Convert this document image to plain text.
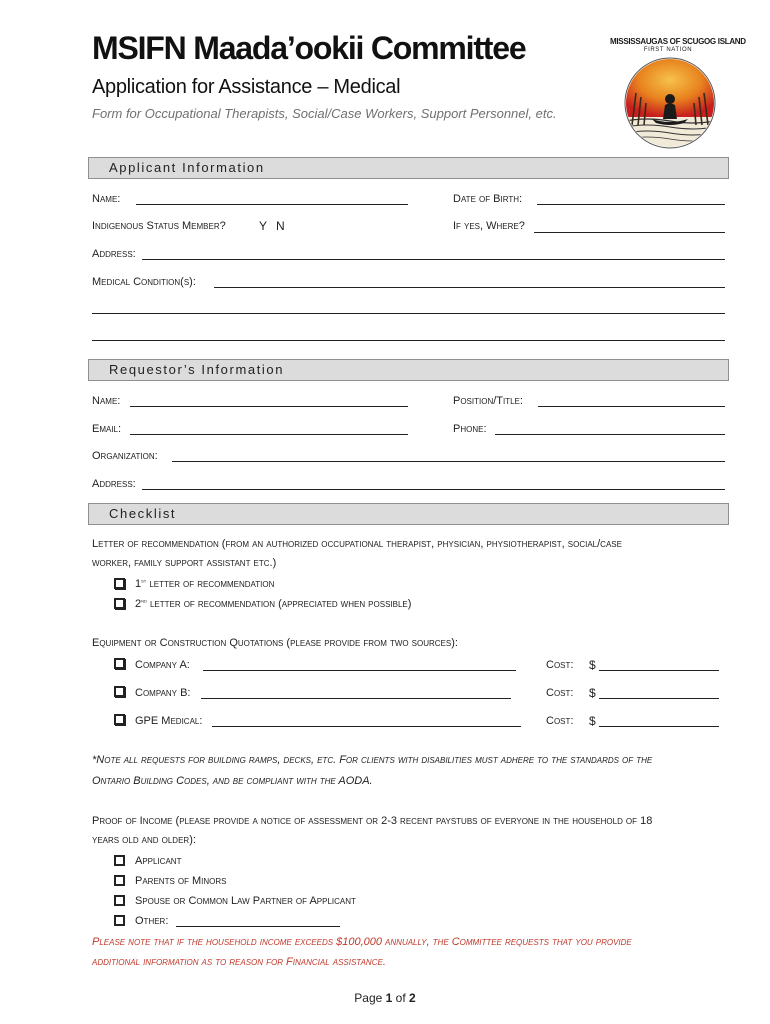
MSIFN Maada’ookii Committee
Application for Assistance – Medical
Form for Occupational Therapists, Social/Case Workers, Support Personnel, etc.
MISSISSAUGAS OF SCUGOG ISLAND
FIRST NATION
Applicant Information
Name:	Date of Birth:
Indigenous Status Member?	Y N	If yes, Where?
Address:
Medical Condition(s):
Requestor’s Information
Name:	Position/Title:
Email:	Phone:
Organization:
Address:
Checklist
Letter of recommendation (from an authorized occupational therapist, physician, physiotherapist, social/case
worker, family support assistant etc.)
1st letter of recommendation
2nd letter of recommendation (appreciated when possible)
Equipment or Construction Quotations (please provide from two sources):
Company A:	Cost: $
Company B:	Cost: $
GPE Medical:	Cost: $
*Note all requests for building ramps, decks, etc. For clients with disabilities must adhere to the standards of the
Ontario Building Codes, and be compliant with the AODA.
Proof of Income (please provide a notice of assessment or 2-3 recent paystubs of everyone in the household of 18
years old and older):
Applicant
Parents of Minors
Spouse or Common Law Partner of Applicant
Other:
Please note that if the household income exceeds $100,000 annually, the Committee requests that you provide
additional information as to reason for Financial assistance.
Page 1 of 2
